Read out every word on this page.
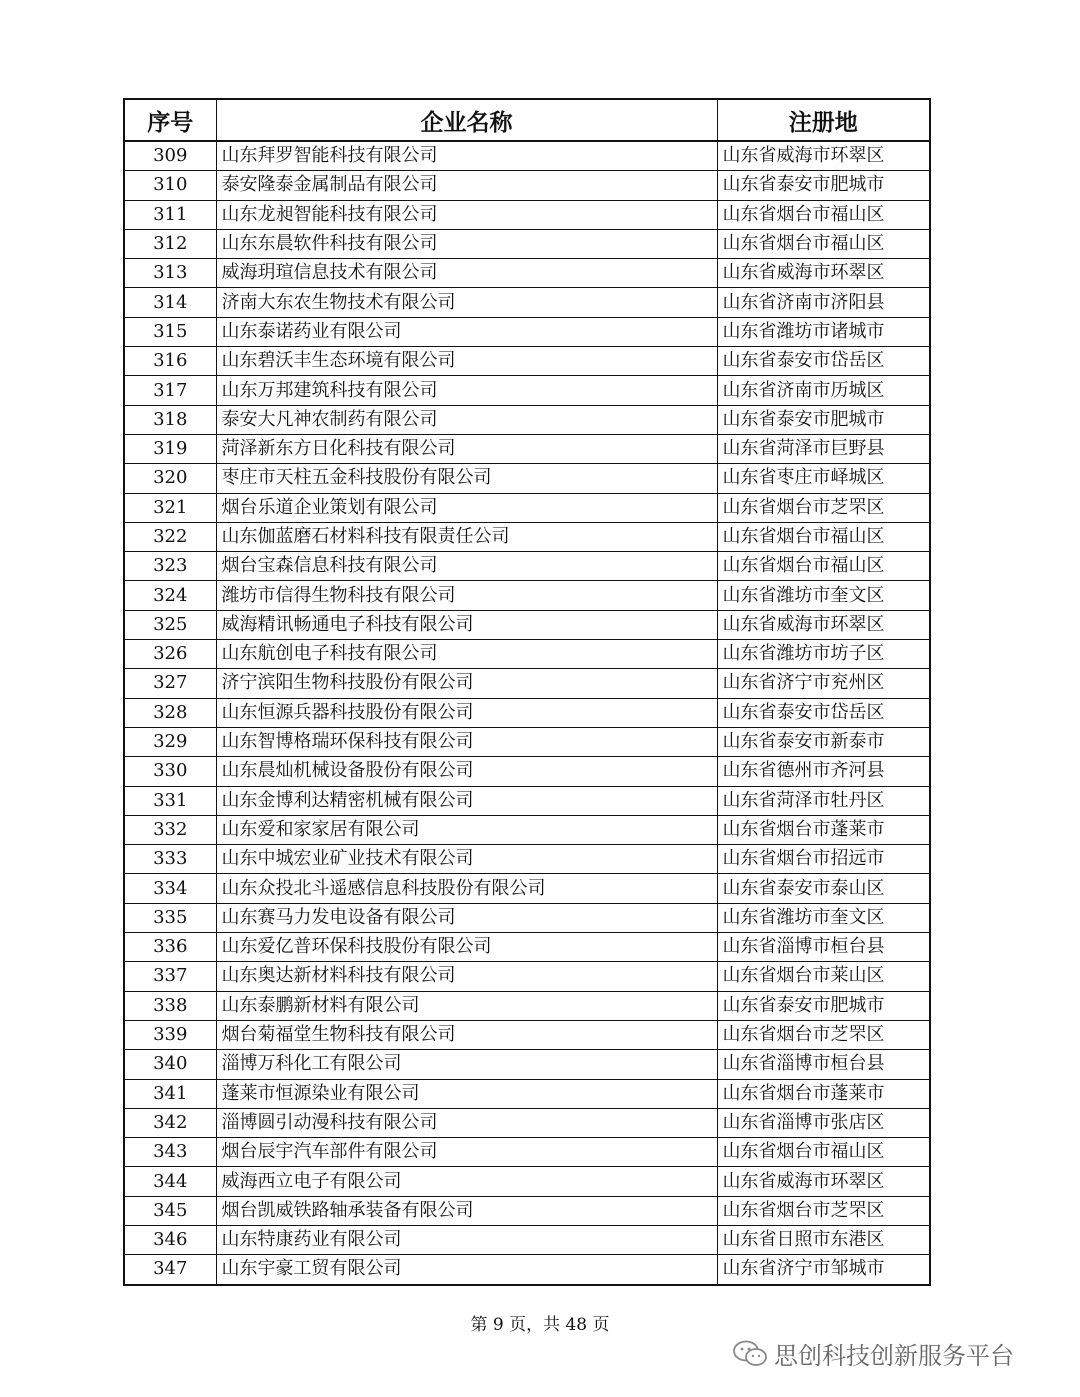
序号	企业名称	注册地
309	山东拜罗智能科技有限公司	山东省威海市环翠区
310	泰安隆泰金属制品有限公司	山东省泰安市肥城市
311	山东龙昶智能科技有限公司	山东省烟台市福山区
312	山东东晨软件科技有限公司	山东省烟台市福山区
313	威海玥瑄信息技术有限公司	山东省威海市环翠区
314	济南大东农生物技术有限公司	山东省济南市济阳县
315	山东泰诺药业有限公司	山东省潍坊市诸城市
316	山东碧沃丰生态环境有限公司	山东省泰安市岱岳区
317	山东万邦建筑科技有限公司	山东省济南市历城区
318	泰安大凡神农制药有限公司	山东省泰安市肥城市
319	菏泽新东方日化科技有限公司	山东省菏泽市巨野县
320	枣庄市天柱五金科技股份有限公司	山东省枣庄市峄城区
321	烟台乐道企业策划有限公司	山东省烟台市芝罘区
322	山东伽蓝磨石材料科技有限责任公司	山东省烟台市福山区
323	烟台宝森信息科技有限公司	山东省烟台市福山区
324	潍坊市信得生物科技有限公司	山东省潍坊市奎文区
325	威海精讯畅通电子科技有限公司	山东省威海市环翠区
326	山东航创电子科技有限公司	山东省潍坊市坊子区
327	济宁滨阳生物科技股份有限公司	山东省济宁市兖州区
328	山东恒源兵器科技股份有限公司	山东省泰安市岱岳区
329	山东智博格瑞环保科技有限公司	山东省泰安市新泰市
330	山东晨灿机械设备股份有限公司	山东省德州市齐河县
331	山东金博利达精密机械有限公司	山东省菏泽市牡丹区
332	山东爱和家家居有限公司	山东省烟台市蓬莱市
333	山东中城宏业矿业技术有限公司	山东省烟台市招远市
334	山东众投北斗遥感信息科技股份有限公司	山东省泰安市泰山区
335	山东赛马力发电设备有限公司	山东省潍坊市奎文区
336	山东爱亿普环保科技股份有限公司	山东省淄博市桓台县
337	山东奥达新材料科技有限公司	山东省烟台市莱山区
338	山东泰鹏新材料有限公司	山东省泰安市肥城市
339	烟台菊福堂生物科技有限公司	山东省烟台市芝罘区
340	淄博万科化工有限公司	山东省淄博市桓台县
341	蓬莱市恒源染业有限公司	山东省烟台市蓬莱市
342	淄博圆引动漫科技有限公司	山东省淄博市张店区
343	烟台辰宇汽车部件有限公司	山东省烟台市福山区
344	威海西立电子有限公司	山东省威海市环翠区
345	烟台凯威铁路轴承装备有限公司	山东省烟台市芝罘区
346	山东特康药业有限公司	山东省日照市东港区
347	山东宇豪工贸有限公司	山东省济宁市邹城市
第 9 页，共 48 页
思创科技创新服务平台
